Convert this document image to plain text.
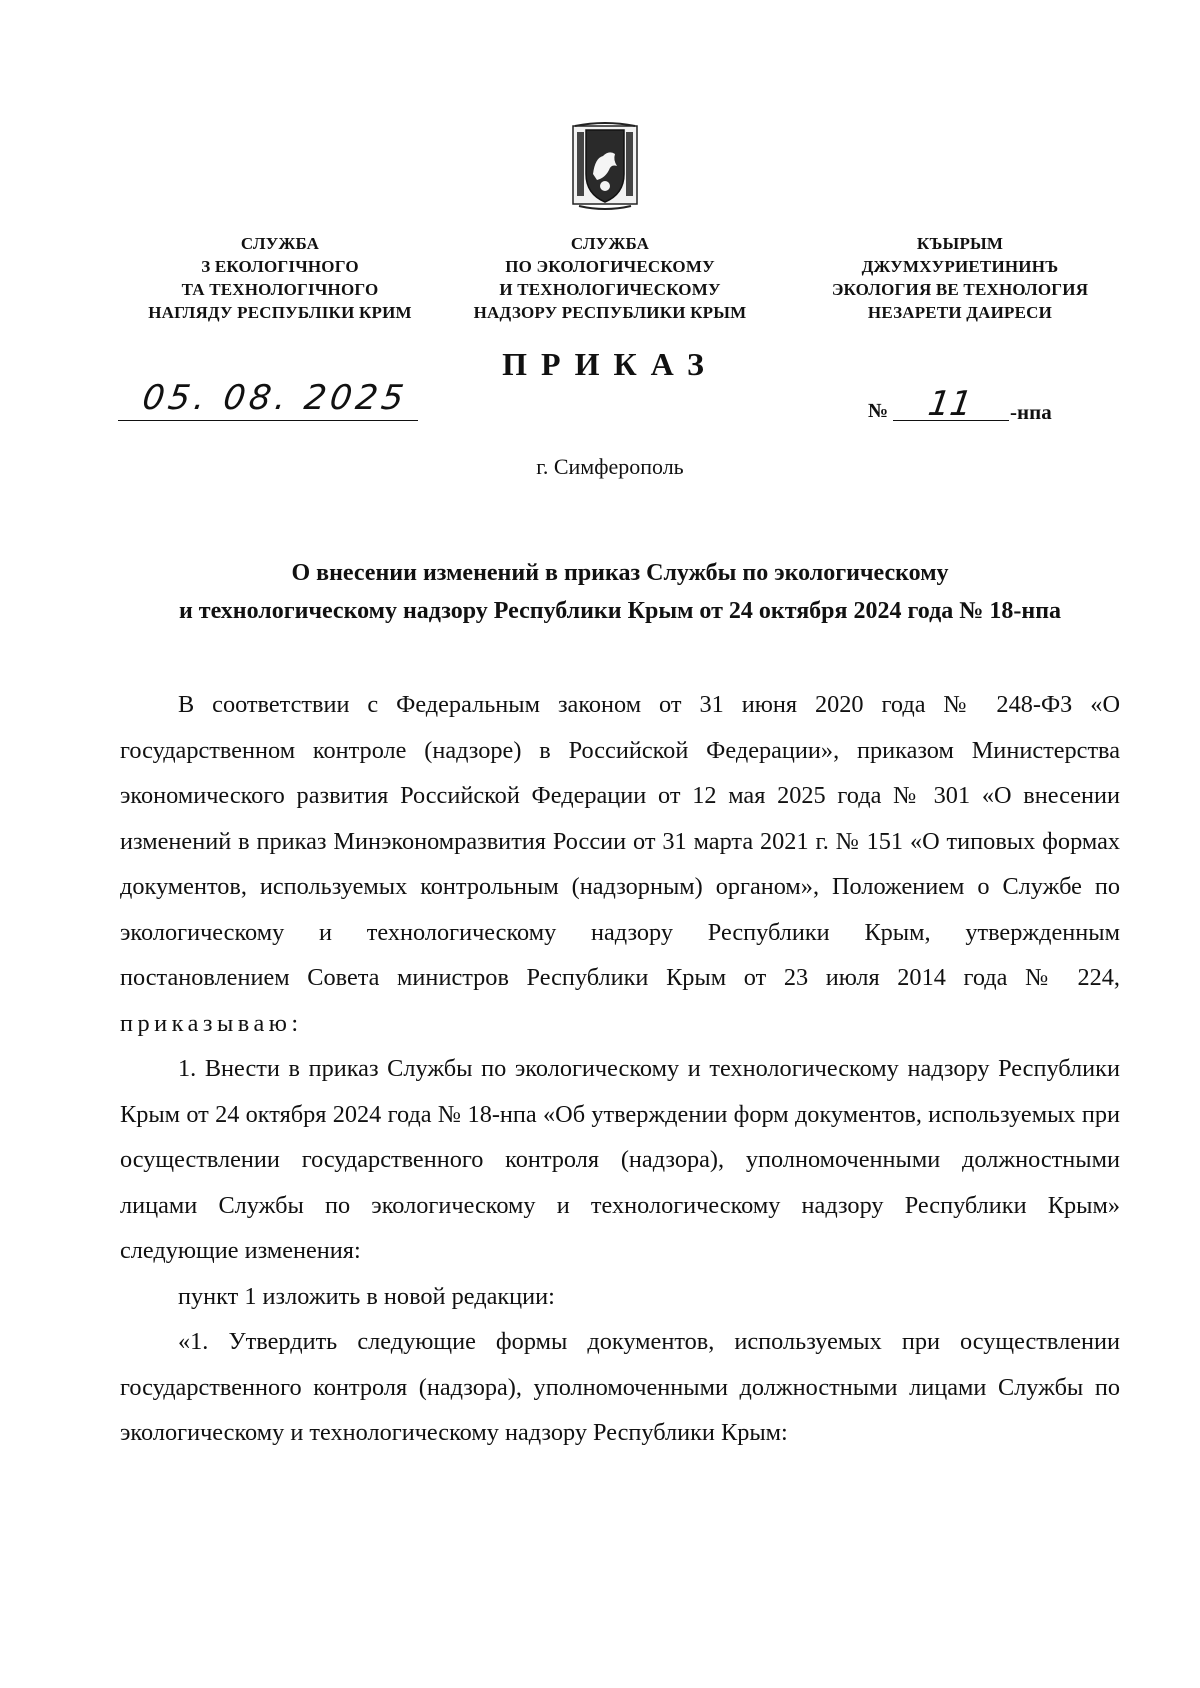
СЛУЖБА
З ЕКОЛОГІЧНОГО
ТА ТЕХНОЛОГІЧНОГО
НАГЛЯДУ РЕСПУБЛІКИ КРИМ
СЛУЖБА
ПО ЭКОЛОГИЧЕСКОМУ
И ТЕХНОЛОГИЧЕСКОМУ
НАДЗОРУ РЕСПУБЛИКИ КРЫМ
КЪЫРЫМ
ДЖУМХУРИЕТИНИНЪ
ЭКОЛОГИЯ ВЕ ТЕХНОЛОГИЯ
НЕЗАРЕТИ ДАИРЕСИ
ПРИКАЗ
05. 08. 2025	№	11	-нпа
г. Симферополь
О внесении изменений в приказ Службы по экологическому
и технологическому надзору Республики Крым от 24 октября 2024 года № 18-нпа

В соответствии с Федеральным законом от 31 июня 2020 года № 248-ФЗ «О государственном контроле (надзоре) в Российской Федерации», приказом Министерства экономического развития Российской Федерации от 12 мая 2025 года № 301 «О внесении изменений в приказ Минэкономразвития России от 31 марта 2021 г. № 151 «О типовых формах документов, используемых контрольным (надзорным) органом», Положением о Службе по экологическому и технологическому надзору Республики Крым, утвержденным постановлением Совета министров Республики Крым от 23 июля 2014 года № 224, приказываю:

1. Внести в приказ Службы по экологическому и технологическому надзору Республики Крым от 24 октября 2024 года № 18-нпа «Об утверждении форм документов, используемых при осуществлении государственного контроля (надзора), уполномоченными должностными лицами Службы по экологическому и технологическому надзору Республики Крым» следующие изменения:

пункт 1 изложить в новой редакции:

«1. Утвердить следующие формы документов, используемых при осуществлении государственного контроля (надзора), уполномоченными должностными лицами Службы по экологическому и технологическому надзору Республики Крым:
